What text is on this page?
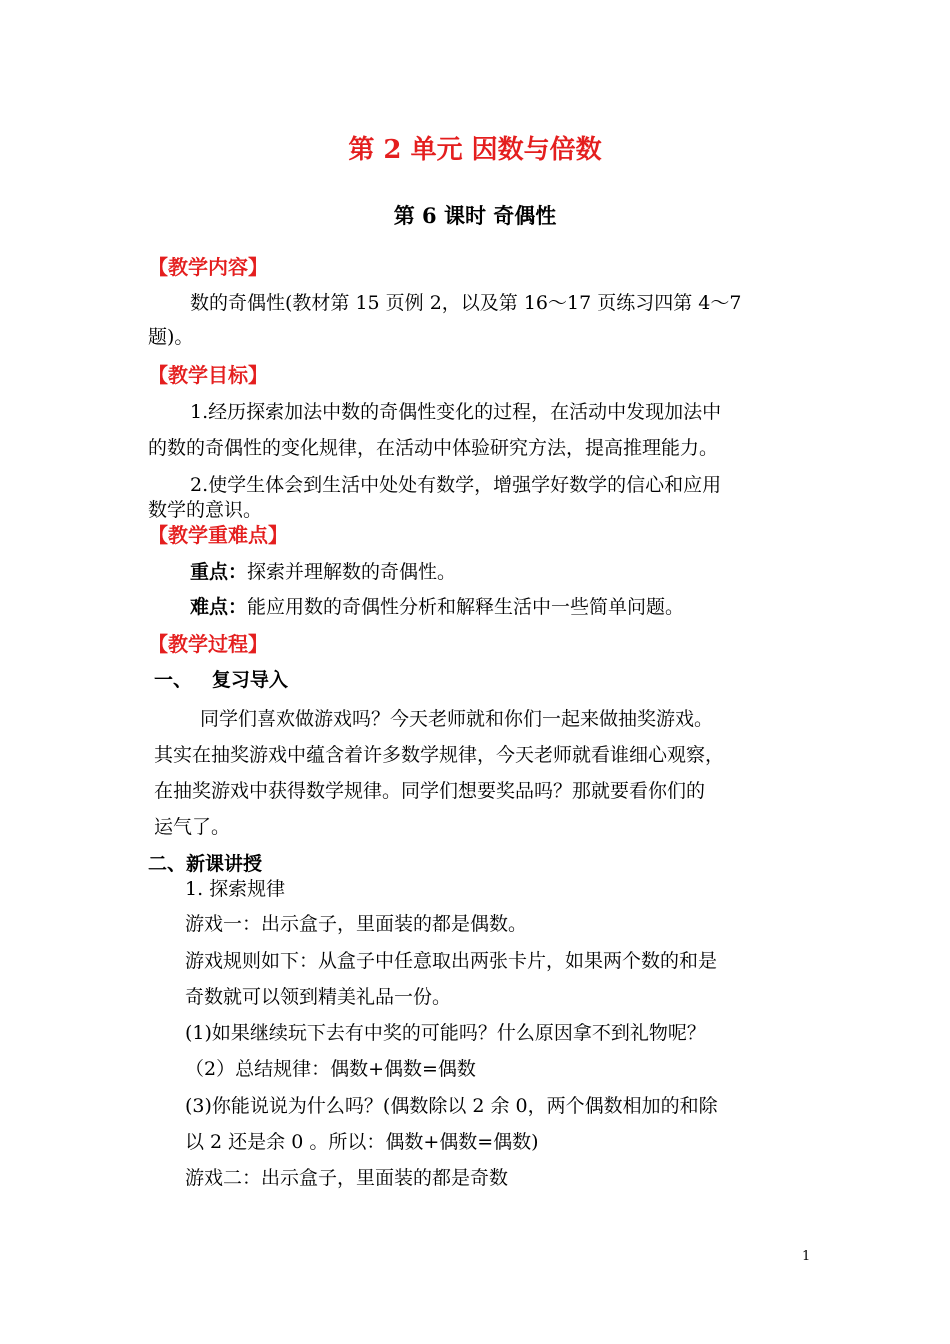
第 2 单元 因数与倍数
第 6 课时 奇偶性
【教学内容】
数的奇偶性(教材第 15 页例 2，以及第 16～17 页练习四第 4～7
题)。
【教学目标】
1.经历探索加法中数的奇偶性变化的过程，在活动中发现加法中
的数的奇偶性的变化规律，在活动中体验研究方法，提高推理能力。
2.使学生体会到生活中处处有数学，增强学好数学的信心和应用
数学的意识。
【教学重难点】
重点：探索并理解数的奇偶性。
难点：能应用数的奇偶性分析和解释生活中一些简单问题。
【教学过程】
一、   复习导入
同学们喜欢做游戏吗？今天老师就和你们一起来做抽奖游戏。
其实在抽奖游戏中蕴含着许多数学规律，今天老师就看谁细心观察，
在抽奖游戏中获得数学规律。同学们想要奖品吗？那就要看你们的
运气了。
二、新课讲授
1. 探索规律
游戏一：出示盒子，里面装的都是偶数。
游戏规则如下：从盒子中任意取出两张卡片，如果两个数的和是
奇数就可以领到精美礼品一份。
(1)如果继续玩下去有中奖的可能吗？什么原因拿不到礼物呢？
（2）总结规律：偶数+偶数=偶数
(3)你能说说为什么吗？(偶数除以 2 余 0，两个偶数相加的和除
以 2 还是余 0 。所以：偶数+偶数=偶数)
游戏二：出示盒子，里面装的都是奇数
1
